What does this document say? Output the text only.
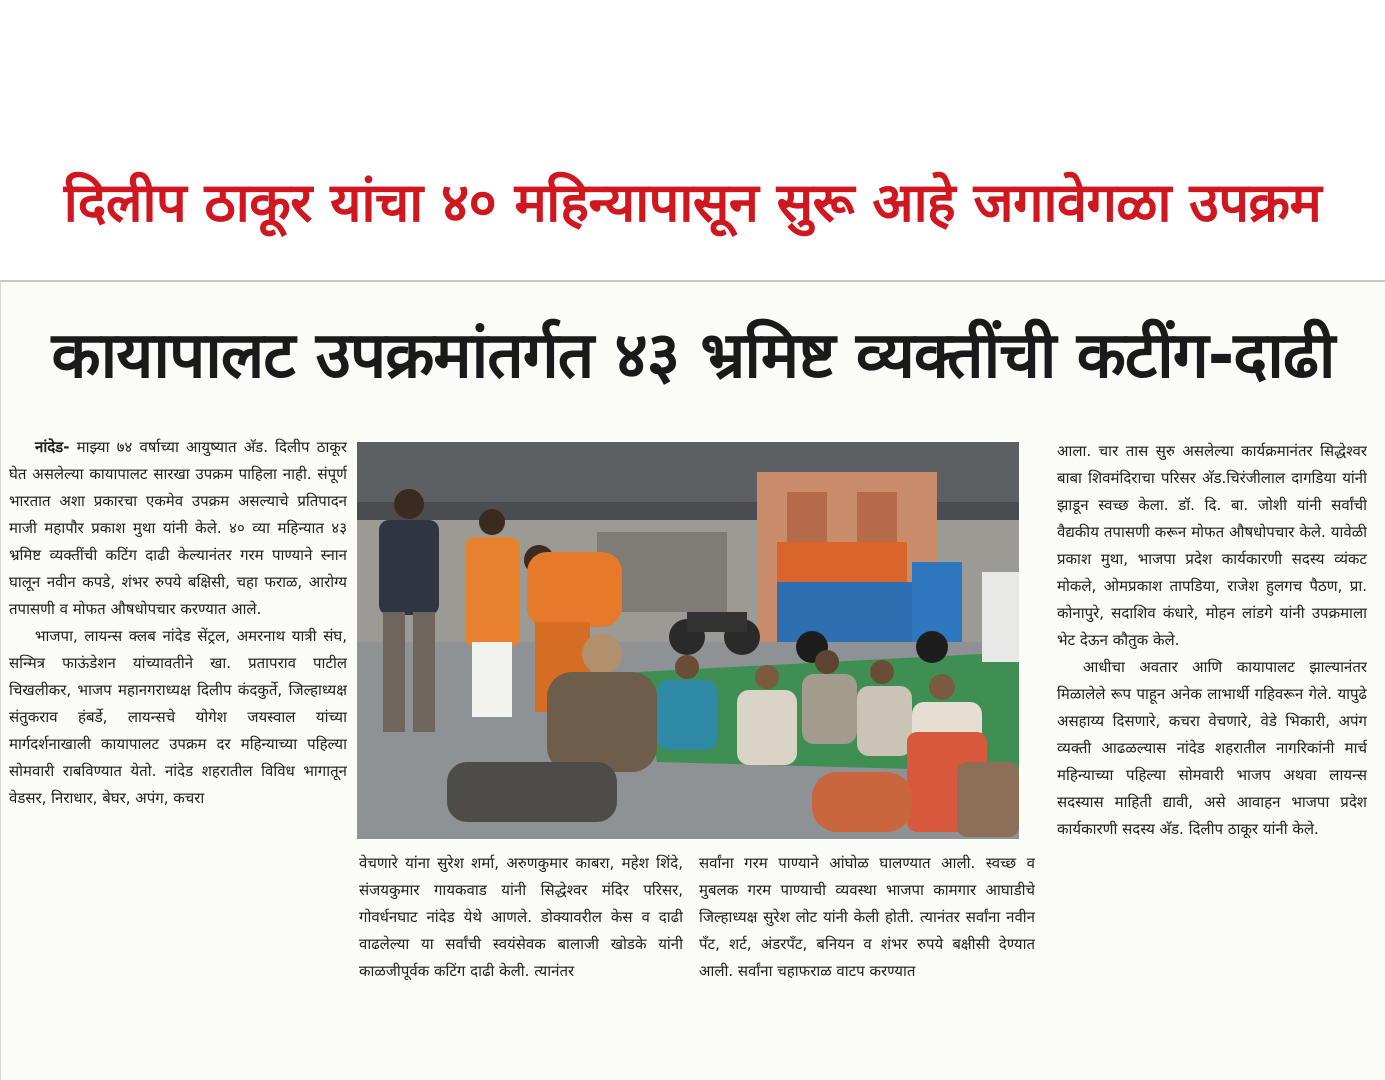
दिलीप ठाकूर यांचा ४० महिन्यापासून सुरू आहे जगावेगळा उपक्रम
कायापालट उपक्रमांतर्गत ४३ भ्रमिष्ट व्यक्तींची कटींग-दाढी

नांदेड- माझ्या ७४ वर्षाच्या आयुष्यात अ‍ॅड. दिलीप ठाकूर घेत असलेल्या कायापालट सारखा उपक्रम पाहिला नाही. संपूर्ण भारतात अशा प्रकारचा एकमेव उपक्रम असल्याचे प्रतिपादन माजी महापौर प्रकाश मुथा यांनी केले. ४० व्या महिन्यात ४३ भ्रमिष्ट व्यक्तींची कटिंग दाढी केल्यानंतर गरम पाण्याने स्नान घालून नवीन कपडे, शंभर रुपये बक्षिसी, चहा फराळ, आरोग्य तपासणी व मोफत औषधोपचार करण्यात आले.

भाजपा, लायन्स क्लब नांदेड सेंट्रल, अमरनाथ यात्री संघ, सन्मित्र फाऊंडेशन यांच्यावतीने खा. प्रतापराव पाटील चिखलीकर, भाजप महानगराध्यक्ष दिलीप कंदकुर्ते, जिल्हाध्यक्ष संतुकराव हंबर्डे, लायन्सचे योगेश जयस्वाल यांच्या मार्गदर्शनाखाली कायापालट उपक्रम दर महिन्याच्या पहिल्या सोमवारी राबविण्यात येतो. नांदेड शहरातील विविध भागातून वेडसर, निराधार, बेघर, अपंग, कचरा

वेचणारे यांना सुरेश शर्मा, अरुणकुमार काबरा, महेश शिंदे, संजयकुमार गायकवाड यांनी सिद्धेश्वर मंदिर परिसर, गोवर्धनघाट नांदेड येथे आणले. डोक्यावरील केस व दाढी वाढलेल्या या सर्वांची स्वयंसेवक बालाजी खोडके यांनी काळजीपूर्वक कटिंग दाढी केली. त्यानंतर

सर्वांना गरम पाण्याने आंघोळ घालण्यात आली. स्वच्छ व मुबलक गरम पाण्याची व्यवस्था भाजपा कामगार आघाडीचे जिल्हाध्यक्ष सुरेश लोट यांनी केली होती. त्यानंतर सर्वांना नवीन पँट, शर्ट, अंडरपँट, बनियन व शंभर रुपये बक्षीसी देण्यात आली. सर्वांना चहाफराळ वाटप करण्यात

आला. चार तास सुरु असलेल्या कार्यक्रमानंतर सिद्धेश्वर बाबा शिवमंदिराचा परिसर अ‍ॅड.चिरंजीलाल दागडिया यांनी झाडून स्वच्छ केला. डॉ. दि. बा. जोशी यांनी सर्वांची वैद्यकीय तपासणी करून मोफत औषधोपचार केले. यावेळी प्रकाश मुथा, भाजपा प्रदेश कार्यकारणी सदस्य व्यंकट मोकले, ओमप्रकाश तापडिया, राजेश हुलगच पैठण, प्रा. कोनापुरे, सदाशिव कंधारे, मोहन लांडगे यांनी उपक्रमाला भेट देऊन कौतुक केले.

आधीचा अवतार आणि कायापालट झाल्यानंतर मिळालेले रूप पाहून अनेक लाभार्थी गहिवरून गेले. यापुढे असहाय्य दिसणारे, कचरा वेचणारे, वेडे भिकारी, अपंग व्यक्ती आढळल्यास नांदेड शहरातील नागरिकांनी मार्च महिन्याच्या पहिल्या सोमवारी भाजप अथवा लायन्स सदस्यास माहिती द्यावी, असे आवाहन भाजपा प्रदेश कार्यकारणी सदस्य अ‍ॅड. दिलीप ठाकूर यांनी केले.
